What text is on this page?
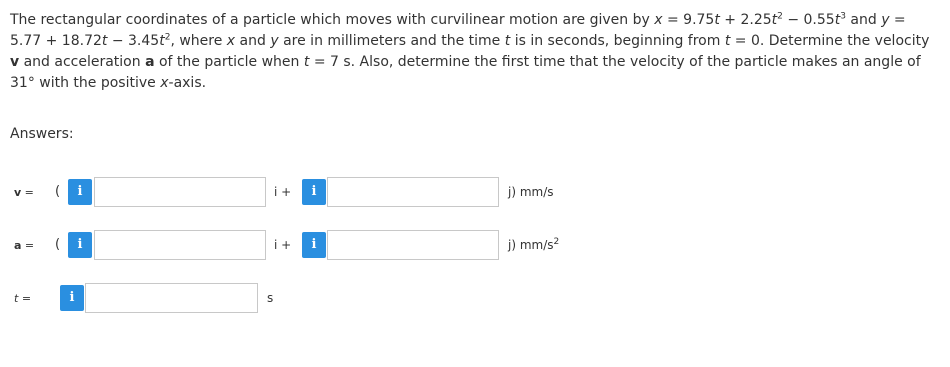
The rectangular coordinates of a particle which moves with curvilinear motion are given by $x = 9.75t + 2.25t^2 - 0.55t^3$ and $y = 5.77 + 18.72t - 3.45t^2$, where x and y are in millimeters and the time t is in seconds, beginning from t = 0. Determine the velocity v and acceleration a of the particle when t = 7 s. Also, determine the first time that the velocity of the particle makes an angle of 31° with the positive x-axis.
Answers:
v = (	i	i +	i	j) mm/s
a = (	i	i +	i	j) $mm/s^2$
t =	i	s
